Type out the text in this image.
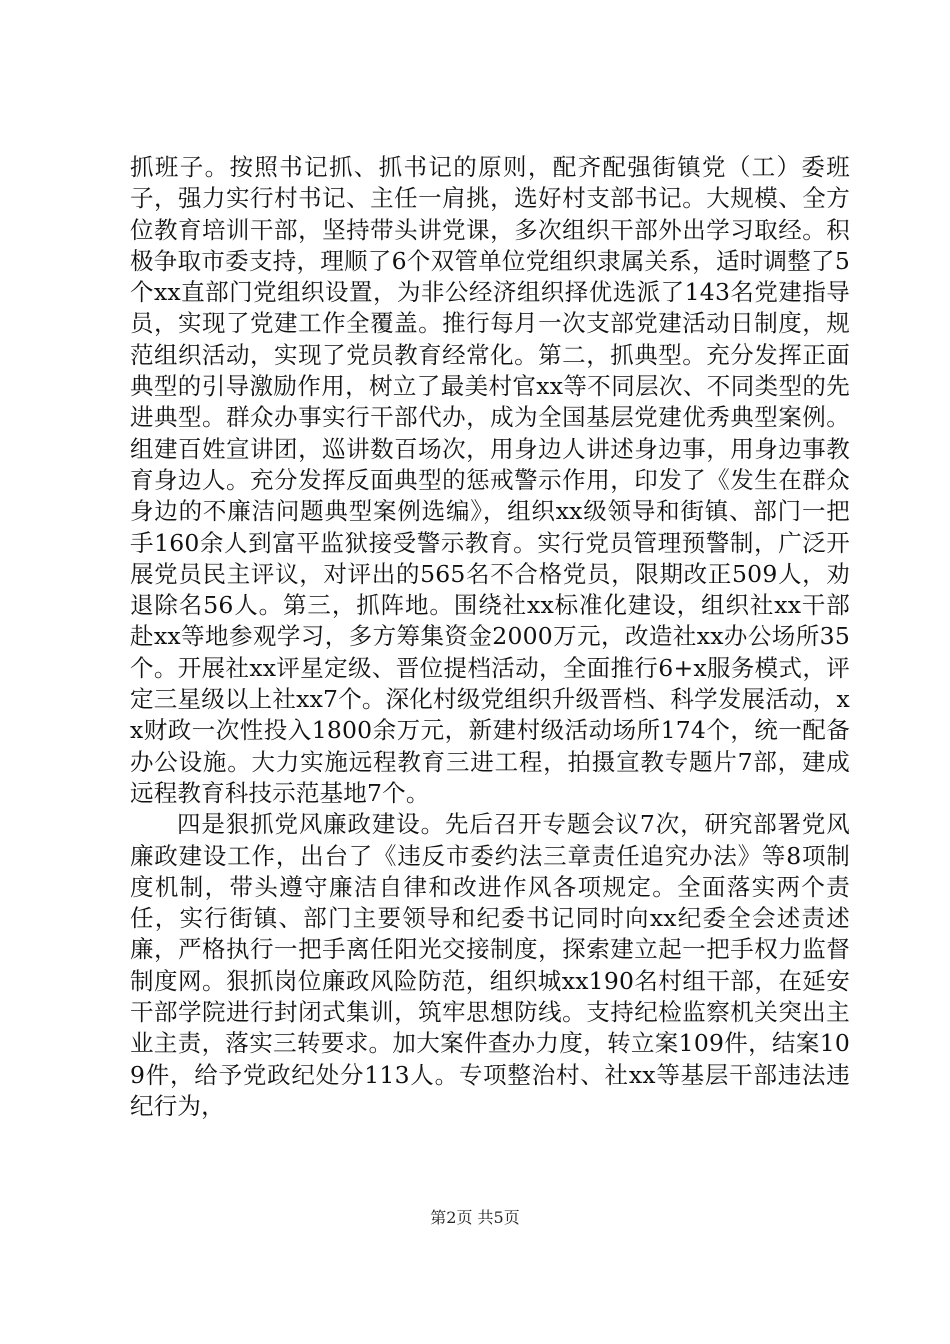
抓班子。按照书记抓、抓书记的原则，配齐配强街镇党（工）委班子，强力实行村书记、主任一肩挑，选好村支部书记。大规模、全方位教育培训干部，坚持带头讲党课，多次组织干部外出学习取经。积极争取市委支持，理顺了6个双管单位党组织隶属关系，适时调整了5个xx直部门党组织设置，为非公经济组织择优选派了143名党建指导员，实现了党建工作全覆盖。推行每月一次支部党建活动日制度，规范组织活动，实现了党员教育经常化。第二，抓典型。充分发挥正面典型的引导激励作用，树立了最美村官xx等不同层次、不同类型的先进典型。群众办事实行干部代办，成为全国基层党建优秀典型案例。组建百姓宣讲团，巡讲数百场次，用身边人讲述身边事，用身边事教育身边人。充分发挥反面典型的惩戒警示作用，印发了《发生在群众身边的不廉洁问题典型案例选编》，组织xx级领导和街镇、部门一把手160余人到富平监狱接受警示教育。实行党员管理预警制，广泛开展党员民主评议，对评出的565名不合格党员，限期改正509人，劝退除名56人。第三，抓阵地。围绕社xx标准化建设，组织社xx干部赴xx等地参观学习，多方筹集资金2000万元，改造社xx办公场所35个。开展社xx评星定级、晋位提档活动，全面推行6+x服务模式，评定三星级以上社xx7个。深化村级党组织升级晋档、科学发展活动，xx财政一次性投入1800余万元，新建村级活动场所174个，统一配备办公设施。大力实施远程教育三进工程，拍摄宣教专题片7部，建成远程教育科技示范基地7个。

四是狠抓党风廉政建设。先后召开专题会议7次，研究部署党风廉政建设工作，出台了《违反市委约法三章责任追究办法》等8项制度机制，带头遵守廉洁自律和改进作风各项规定。全面落实两个责任，实行街镇、部门主要领导和纪委书记同时向xx纪委全会述责述廉，严格执行一把手离任阳光交接制度，探索建立起一把手权力监督制度网。狠抓岗位廉政风险防范，组织城xx190名村组干部，在延安干部学院进行封闭式集训，筑牢思想防线。支持纪检监察机关突出主业主责，落实三转要求。加大案件查办力度，转立案109件，结案109件，给予党政纪处分113人。专项整治村、社xx等基层干部违法违纪行为，

第2页 共5页
